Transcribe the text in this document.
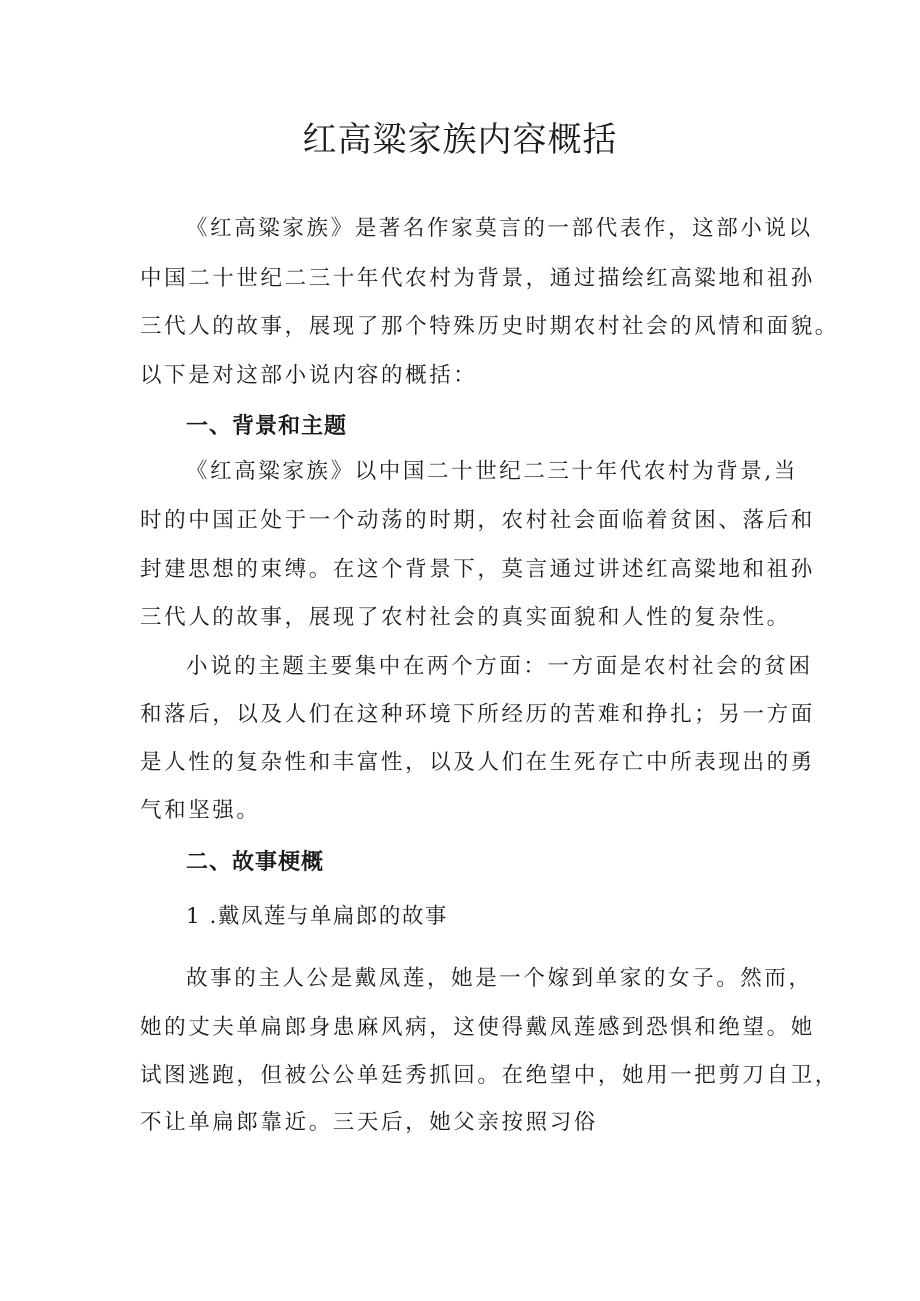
红高粱家族内容概括

《红高粱家族》是著名作家莫言的一部代表作，这部小说以

中国二十世纪二三十年代农村为背景，通过描绘红高粱地和祖孙

三代人的故事，展现了那个特殊历史时期农村社会的风情和面貌。

以下是对这部小说内容的概括：

一、背景和主题

《红高粱家族》以中国二十世纪二三十年代农村为背景,当

时的中国正处于一个动荡的时期，农村社会面临着贫困、落后和

封建思想的束缚。在这个背景下，莫言通过讲述红高粱地和祖孙

三代人的故事，展现了农村社会的真实面貌和人性的复杂性。

小说的主题主要集中在两个方面：一方面是农村社会的贫困

和落后，以及人们在这种环境下所经历的苦难和挣扎；另一方面

是人性的复杂性和丰富性，以及人们在生死存亡中所表现出的勇

气和坚强。

二、故事梗概

1 .戴凤莲与单扁郎的故事

故事的主人公是戴凤莲，她是一个嫁到单家的女子。然而，

她的丈夫单扁郎身患麻风病，这使得戴凤莲感到恐惧和绝望。她

试图逃跑，但被公公单廷秀抓回。在绝望中，她用一把剪刀自卫，

不让单扁郎靠近。三天后，她父亲按照习俗
